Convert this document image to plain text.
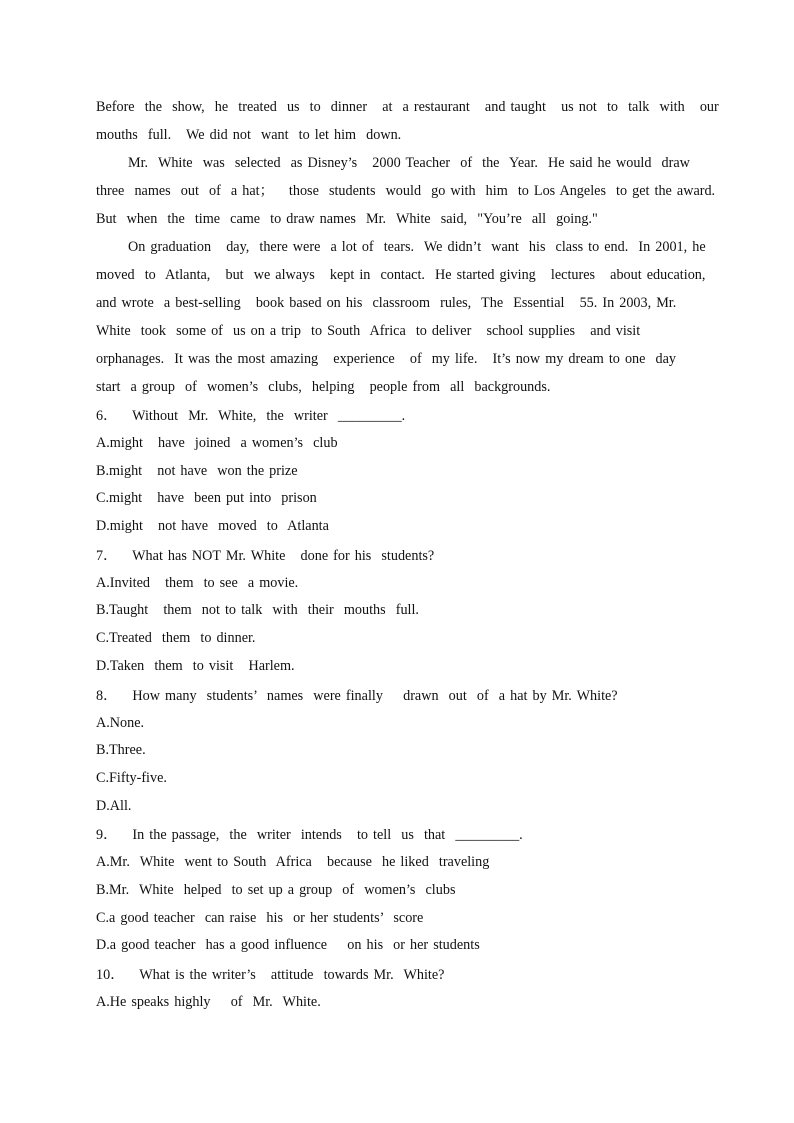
Before  the  show,  he  treated  us  to  dinner   at  a restaurant   and taught   us not  to  talk  with   our
mouths  full.   We did not  want  to let him  down.
Mr.  White  was  selected  as Disney’s   2000 Teacher  of  the  Year.  He said he would  draw
three  names  out  of  a hat；   those  students  would  go with  him  to Los Angeles  to get the award.
But  when  the  time  came  to draw names  Mr.  White  said,  "You’re  all  going."
On graduation   day,  there were  a lot of  tears.  We didn’t  want  his  class to end.  In 2001, he
moved  to  Atlanta,   but  we always   kept in  contact.  He started giving   lectures   about education,
and wrote  a best-selling   book based on his  classroom  rules,  The  Essential   55. In 2003, Mr.
White  took  some of  us on a trip  to South  Africa  to deliver   school supplies   and visit
orphanages.  It was the most amazing   experience   of  my life.   It’s now my dream to one  day
start  a group  of  women’s  clubs,  helping   people from  all  backgrounds.
6．   Without  Mr.  White,  the  writer  _________.
A.might   have  joined  a women’s  club
B.might   not have  won the prize
C.might   have  been put into  prison
D.might   not have  moved  to  Atlanta
7．   What has NOT Mr. White   done for his  students?
A.Invited   them  to see  a movie.
B.Taught   them  not to talk  with  their  mouths  full.
C.Treated  them  to dinner.
D.Taken  them  to visit   Harlem.
8．   How many  students’  names  were finally    drawn  out  of  a hat by Mr. White?
A.None.
B.Three.
C.Fifty-five.
D.All.
9．   In the passage,  the  writer  intends   to tell  us  that  _________.
A.Mr.  White  went to South  Africa   because  he liked  traveling
B.Mr.  White  helped  to set up a group  of  women’s  clubs
C.a good teacher  can raise  his  or her students’  score
D.a good teacher  has a good influence    on his  or her students
10．   What is the writer’s   attitude  towards Mr.  White?
A.He speaks highly    of  Mr.  White.
